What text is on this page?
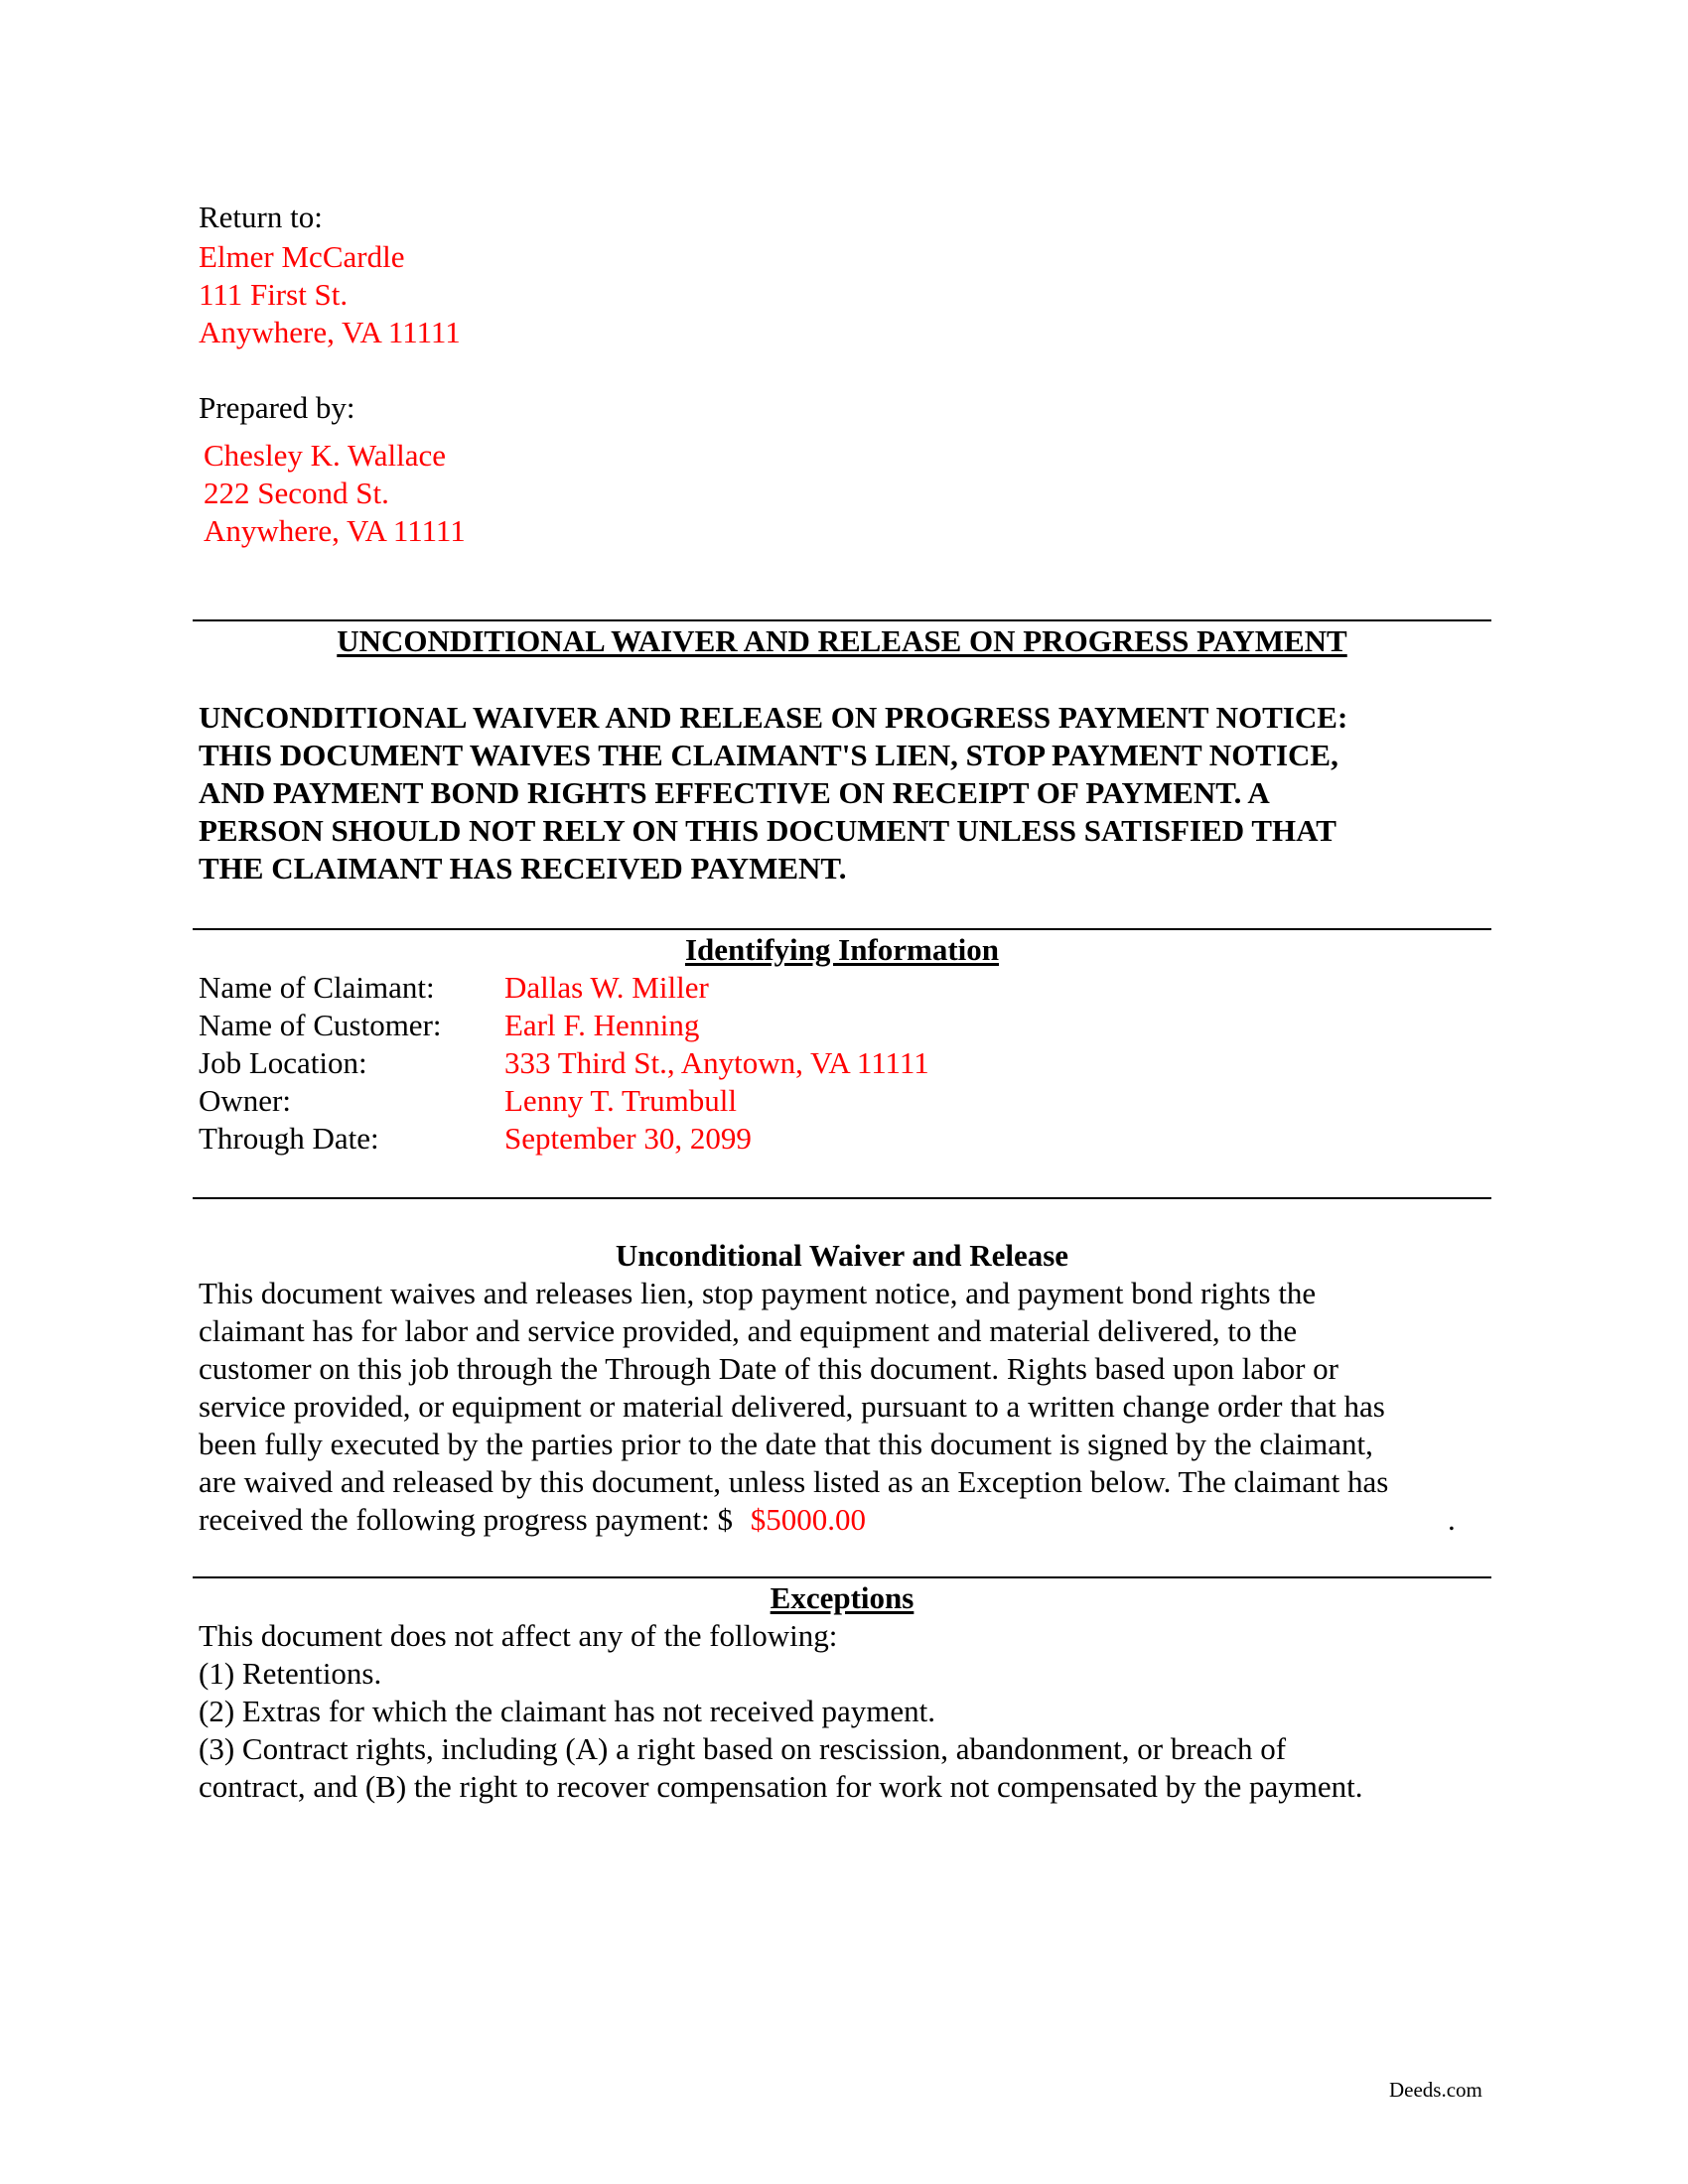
Return to:
Elmer McCardle
111 First St.
Anywhere, VA 11111
Prepared by:
Chesley K. Wallace
222 Second St.
Anywhere, VA 11111
UNCONDITIONAL WAIVER AND RELEASE ON PROGRESS PAYMENT
UNCONDITIONAL WAIVER AND RELEASE ON PROGRESS PAYMENT NOTICE:
THIS DOCUMENT WAIVES THE CLAIMANT'S LIEN, STOP PAYMENT NOTICE,
AND PAYMENT BOND RIGHTS EFFECTIVE ON RECEIPT OF PAYMENT. A
PERSON SHOULD NOT RELY ON THIS DOCUMENT UNLESS SATISFIED THAT
THE CLAIMANT HAS RECEIVED PAYMENT.
Identifying Information
Name of Claimant: Dallas W. Miller
Name of Customer: Earl F. Henning
Job Location:	333 Third St., Anytown, VA 11111
Owner:	Lenny T. Trumbull
Through Date:	September 30, 2099
Unconditional Waiver and Release
This document waives and releases lien, stop payment notice, and payment bond rights the
claimant has for labor and service provided, and equipment and material delivered, to the
customer on this job through the Through Date of this document. Rights based upon labor or
service provided, or equipment or material delivered, pursuant to a written change order that has
been fully executed by the parties prior to the date that this document is signed by the claimant,
are waived and released by this document, unless listed as an Exception below. The claimant has
received the following progress payment: $ $5000.00	.
Exceptions
This document does not affect any of the following:
(1) Retentions.
(2) Extras for which the claimant has not received payment.
(3) Contract rights, including (A) a right based on rescission, abandonment, or breach of
contract, and (B) the right to recover compensation for work not compensated by the payment.
Deeds.com
